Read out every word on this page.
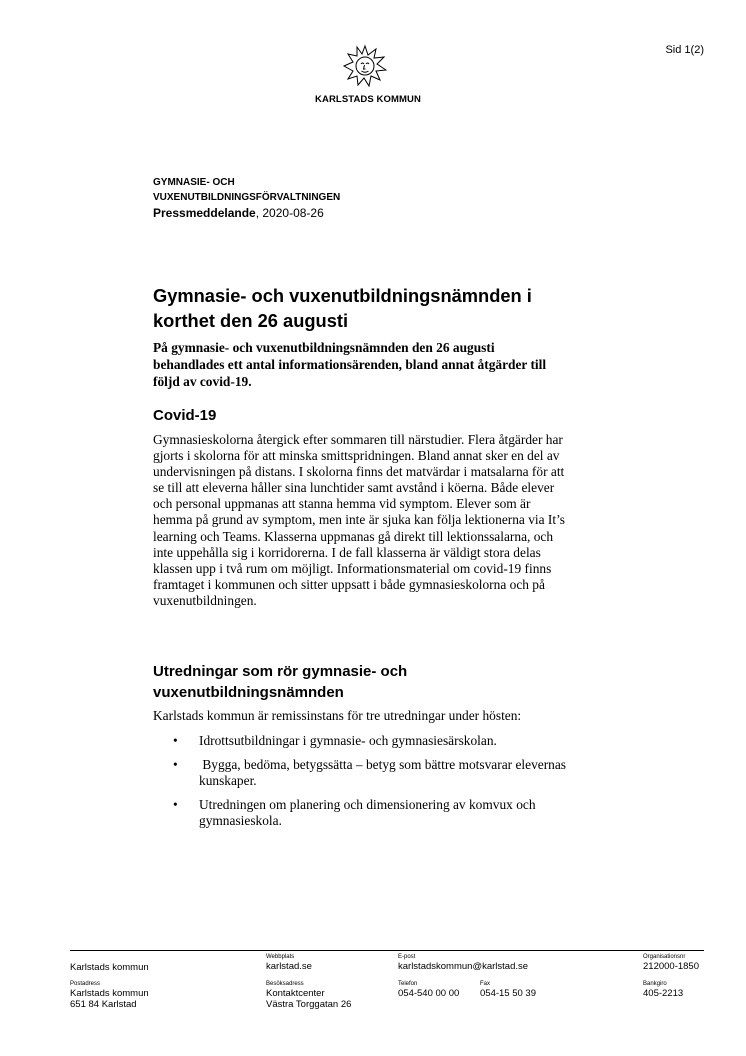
Sid 1(2)
KARLSTADS KOMMUN
GYMNASIE- OCH
VUXENUTBILDNINGSFÖRVALTNINGEN
Pressmeddelande, 2020-08-26
Gymnasie- och vuxenutbildningsnämnden i
korthet den 26 augusti
På gymnasie- och vuxenutbildningsnämnden den 26 augusti
behandlades ett antal informationsärenden, bland annat åtgärder till
följd av covid-19.
Covid-19
Gymnasieskolorna återgick efter sommaren till närstudier. Flera åtgärder har
gjorts i skolorna för att minska smittspridningen. Bland annat sker en del av
undervisningen på distans. I skolorna finns det matvärdar i matsalarna för att
se till att eleverna håller sina lunchtider samt avstånd i köerna. Både elever
och personal uppmanas att stanna hemma vid symptom. Elever som är
hemma på grund av symptom, men inte är sjuka kan följa lektionerna via It’s
learning och Teams. Klasserna uppmanas gå direkt till lektionssalarna, och
inte uppehålla sig i korridorerna. I de fall klasserna är väldigt stora delas
klassen upp i två rum om möjligt. Informationsmaterial om covid-19 finns
framtaget i kommunen och sitter uppsatt i både gymnasieskolorna och på
vuxenutbildningen.
Utredningar som rör gymnasie- och
vuxenutbildningsnämnden
Karlstads kommun är remissinstans för tre utredningar under hösten:
• Idrottsutbildningar i gymnasie- och gymnasiesärskolan.
•  Bygga, bedöma, betygssätta – betyg som bättre motsvarar elevernas
kunskaper.
• Utredningen om planering och dimensionering av komvux och
gymnasieskola.
Karlstads kommun
Webbplats
karlstad.se
E-post
karlstadskommun@karlstad.se
Organisationsnr
212000-1850
Postadress
Karlstads kommun
651 84 Karlstad
Besöksadress
Kontaktcenter
Västra Torggatan 26
Telefon
054-540 00 00
Fax
054-15 50 39
Bankgiro
405-2213
